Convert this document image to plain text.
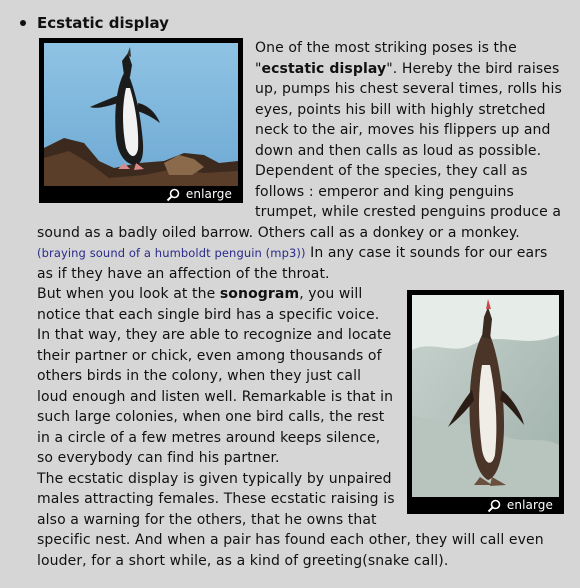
Ecstatic display
enlarge

One of the most striking poses is the "ecstatic display". Hereby the bird raises up, pumps his chest several times, rolls his eyes, points his bill with highly stretched neck to the air, moves his flippers up and down and then calls as loud as possible. Dependent of the species, they call as follows : emperor and king penguins trumpet, while crested penguins produce a sound as a badly oiled barrow. Others call as a donkey or a monkey. (braying sound of a humboldt penguin (mp3)) In any case it sounds for our ears as if they have an affection of the throat.

enlarge

But when you look at the sonogram, you will notice that each single bird has a specific voice. In that way, they are able to recognize and locate their partner or chick, even among thousands of others birds in the colony, when they just call loud enough and listen well. Remarkable is that in such large colonies, when one bird calls, the rest in a circle of a few metres around keeps silence, so everybody can find his partner.

The ecstatic display is given typically by unpaired males attracting females. These ecstatic raising is also a warning for the others, that he owns that specific nest. And when a pair has found each other, they will call even louder, for a short while, as a kind of greeting(snake call).
